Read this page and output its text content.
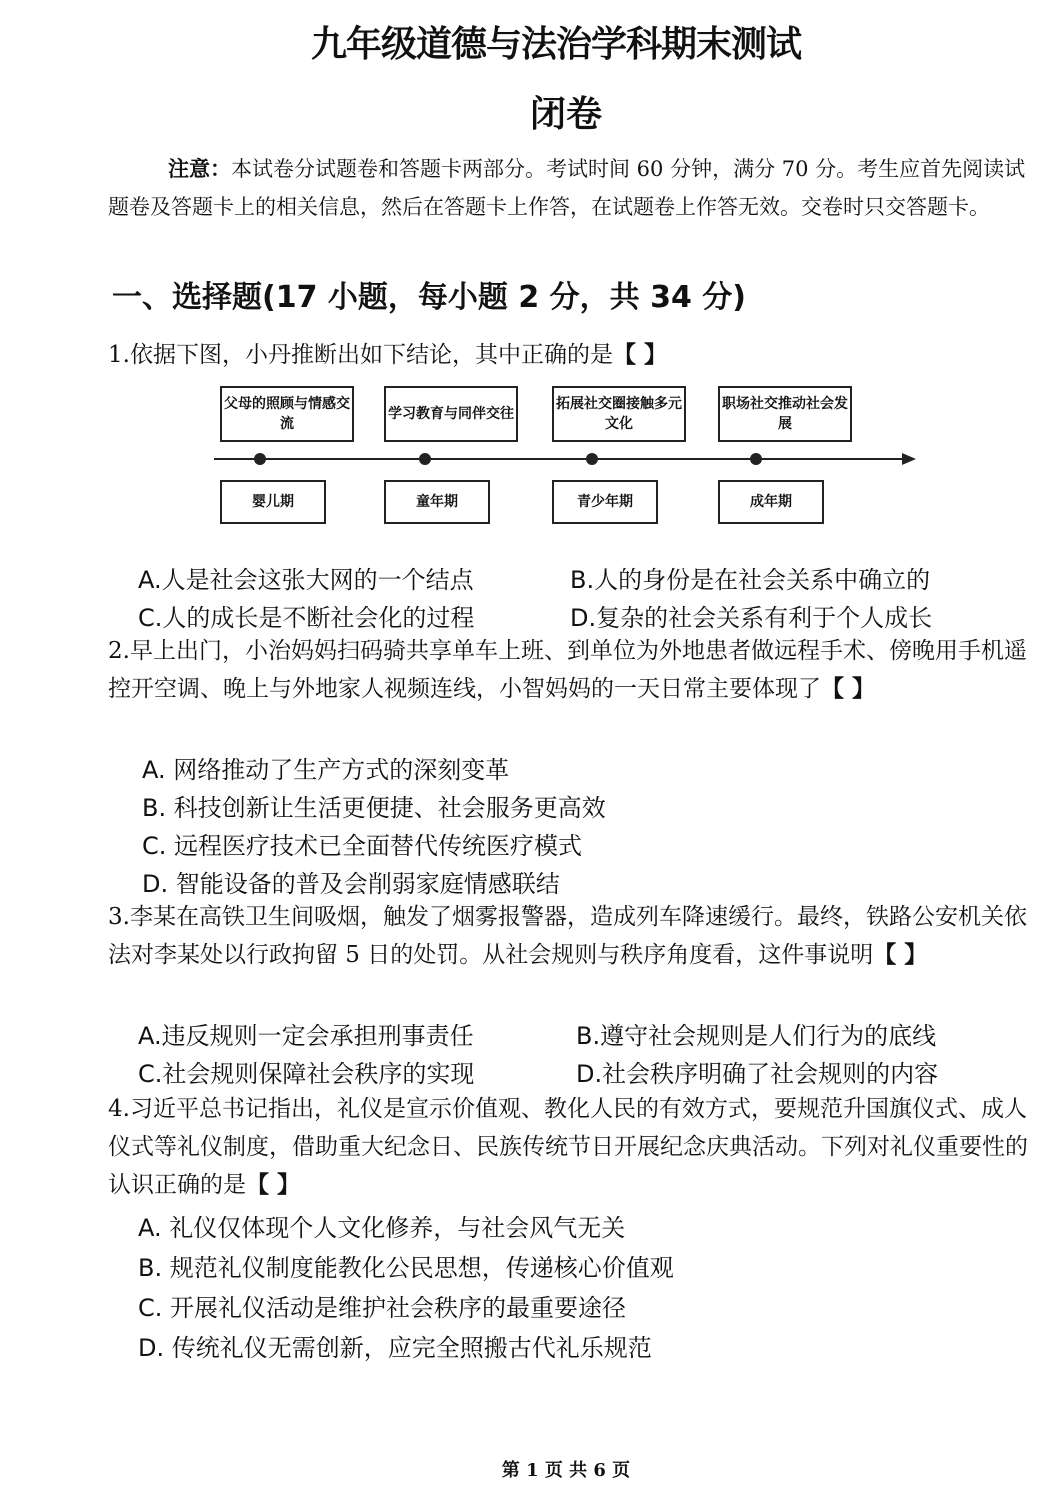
九年级道德与法治学科期末测试
闭卷
注意：本试卷分试题卷和答题卡两部分。考试时间 60 分钟，满分 70 分。考生应首先阅读试题卷及答题卡上的相关信息，然后在答题卡上作答，在试题卷上作答无效。交卷时只交答题卡。
一、选择题(17 小题，每小题 2 分，共 34 分)
1.依据下图，小丹推断出如下结论，其中正确的是【 】
父母的照顾与情感交流
学习教育与同伴交往
拓展社交圈接触多元文化
职场社交推动社会发展
婴儿期	童年期	青少年期	成年期
A.人是社会这张大网的一个结点	B.人的身份是在社会关系中确立的
C.人的成长是不断社会化的过程	D.复杂的社会关系有利于个人成长
2.早上出门，小治妈妈扫码骑共享单车上班、到单位为外地患者做远程手术、傍晚用手机遥控开空调、晚上与外地家人视频连线，小智妈妈的一天日常主要体现了【 】
A. 网络推动了生产方式的深刻变革
B. 科技创新让生活更便捷、社会服务更高效
C. 远程医疗技术已全面替代传统医疗模式
D. 智能设备的普及会削弱家庭情感联结
3.李某在高铁卫生间吸烟，触发了烟雾报警器，造成列车降速缓行。最终，铁路公安机关依法对李某处以行政拘留 5 日的处罚。从社会规则与秩序角度看，这件事说明【 】
A.违反规则一定会承担刑事责任	B.遵守社会规则是人们行为的底线
C.社会规则保障社会秩序的实现	D.社会秩序明确了社会规则的内容
4.习近平总书记指出，礼仪是宣示价值观、教化人民的有效方式，要规范升国旗仪式、成人仪式等礼仪制度，借助重大纪念日、民族传统节日开展纪念庆典活动。下列对礼仪重要性的认识正确的是【 】
A. 礼仪仅体现个人文化修养，与社会风气无关
B. 规范礼仪制度能教化公民思想，传递核心价值观
C. 开展礼仪活动是维护社会秩序的最重要途径
D. 传统礼仪无需创新，应完全照搬古代礼乐规范
第 1 页 共 6 页
